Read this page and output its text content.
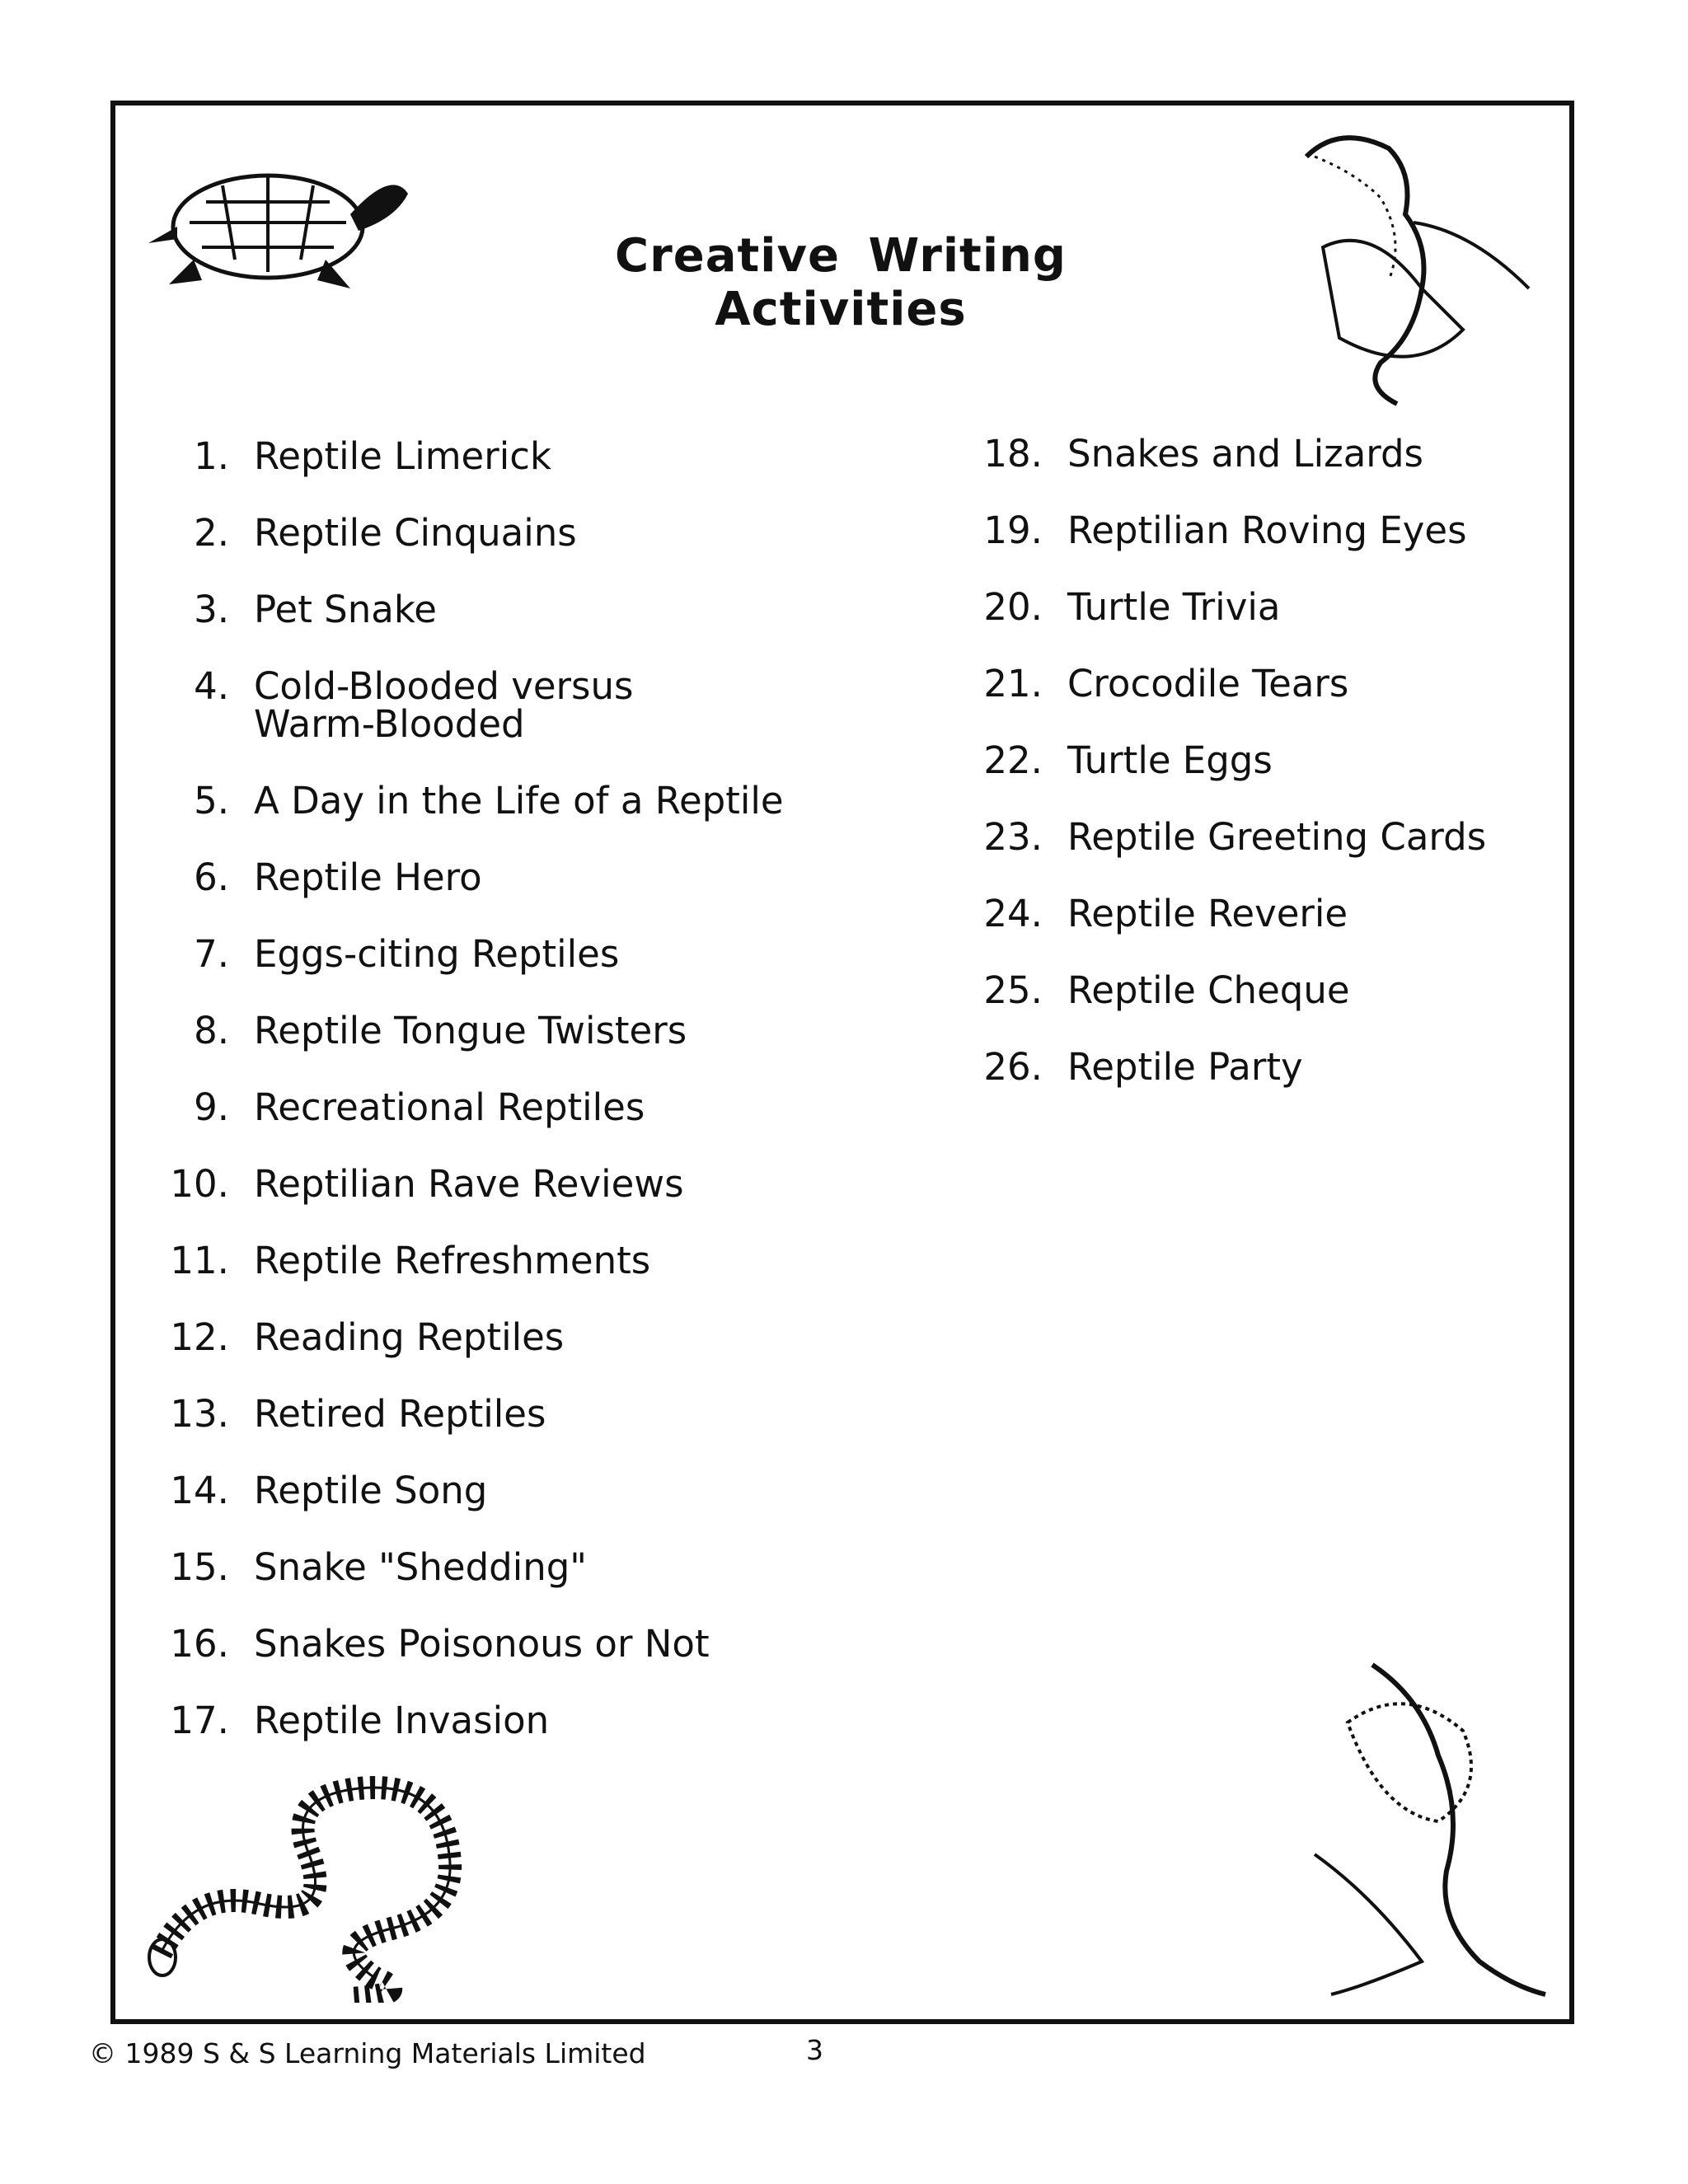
Creative Writing Activities
1. Reptile Limerick
2. Reptile Cinquains
3. Pet Snake
4. Cold-Blooded versus
Warm-Blooded
5. A Day in the Life of a Reptile
6. Reptile Hero
7. Eggs-citing Reptiles
8. Reptile Tongue Twisters
9. Recreational Reptiles
10. Reptilian Rave Reviews
11. Reptile Refreshments
12. Reading Reptiles
13. Retired Reptiles
14. Reptile Song
15. Snake "Shedding"
16. Snakes Poisonous or Not
17. Reptile Invasion
18. Snakes and Lizards
19. Reptilian Roving Eyes
20. Turtle Trivia
21. Crocodile Tears
22. Turtle Eggs
23. Reptile Greeting Cards
24. Reptile Reverie
25. Reptile Cheque
26. Reptile Party
© 1989 S & S Learning Materials Limited	3
